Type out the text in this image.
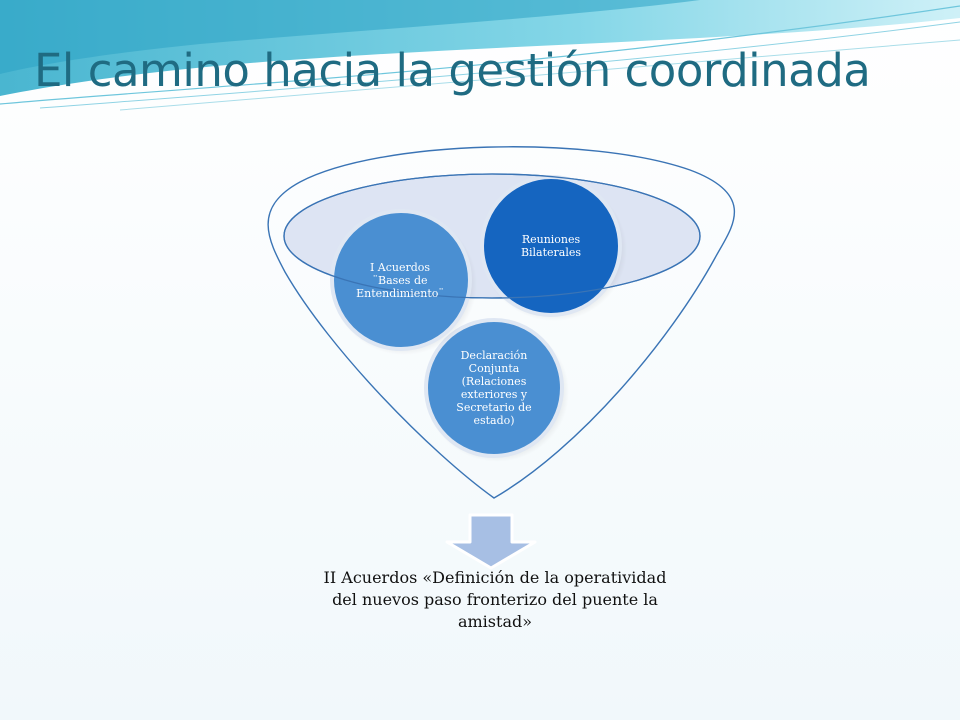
El camino hacia la gestión coordinada
I Acuerdos ¨Bases de Entendimiento¨
Reuniones Bilaterales
Declaración Conjunta (Relaciones exteriores y Secretario de estado)
II Acuerdos «Definición de la operatividad del nuevos paso fronterizo del puente la amistad»
